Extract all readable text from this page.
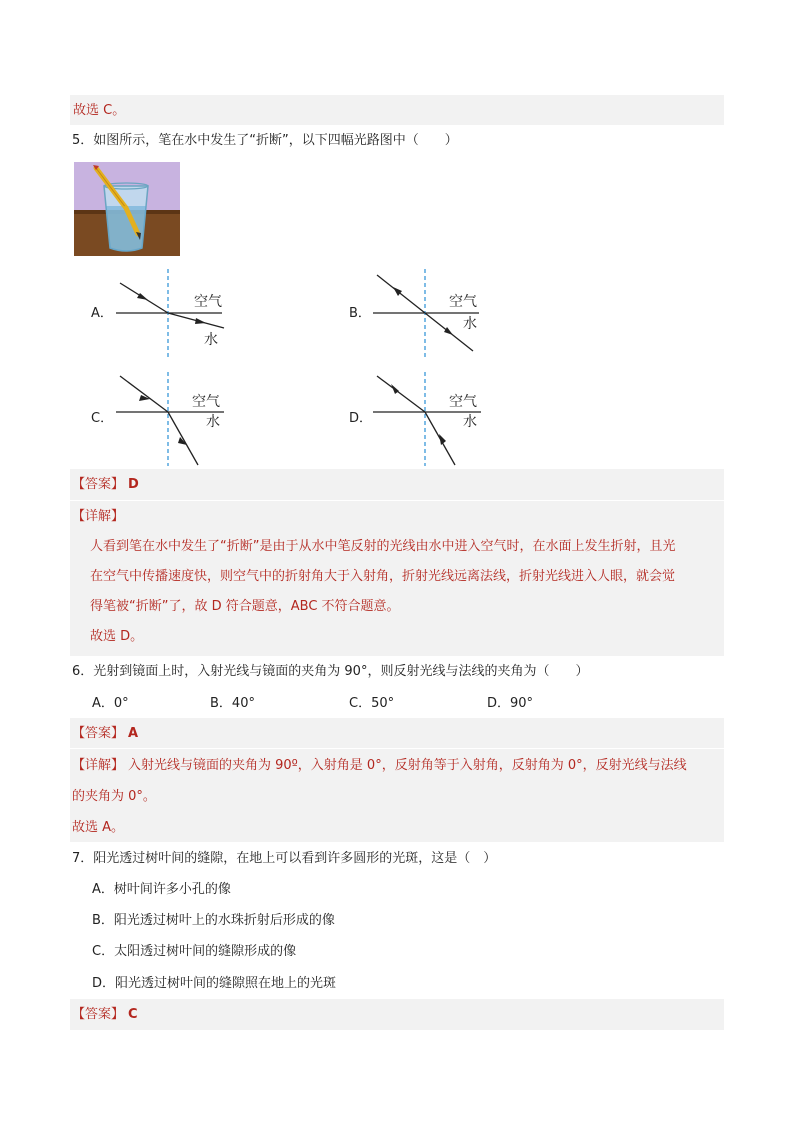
故选 C。
5．如图所示，笔在水中发生了“折断”，以下四幅光路图中（　　）
A．
空气
水
B．
空气
水
C．
空气
水	D．
空气
水
【答案】 D
【详解】
人看到笔在水中发生了“折断”是由于从水中笔反射的光线由水中进入空气时，在水面上发生折射，且光
在空气中传播速度快，则空气中的折射角大于入射角，折射光线远离法线，折射光线进入人眼，就会觉
得笔被“折断”了，故 D 符合题意，ABC 不符合题意。
故选 D。
6．光射到镜面上时，入射光线与镜面的夹角为 90°，则反射光线与法线的夹角为（　　）
A．0°	B．40°	C．50°	D．90°
【答案】 A
【详解】 入射光线与镜面的夹角为 90º，入射角是 0°，反射角等于入射角，反射角为 0°，反射光线与法线
的夹角为 0°。
故选 A。
7．阳光透过树叶间的缝隙，在地上可以看到许多圆形的光斑，这是（　）
A．树叶间许多小孔的像
B．阳光透过树叶上的水珠折射后形成的像
C．太阳透过树叶间的缝隙形成的像
D．阳光透过树叶间的缝隙照在地上的光斑
【答案】 C
